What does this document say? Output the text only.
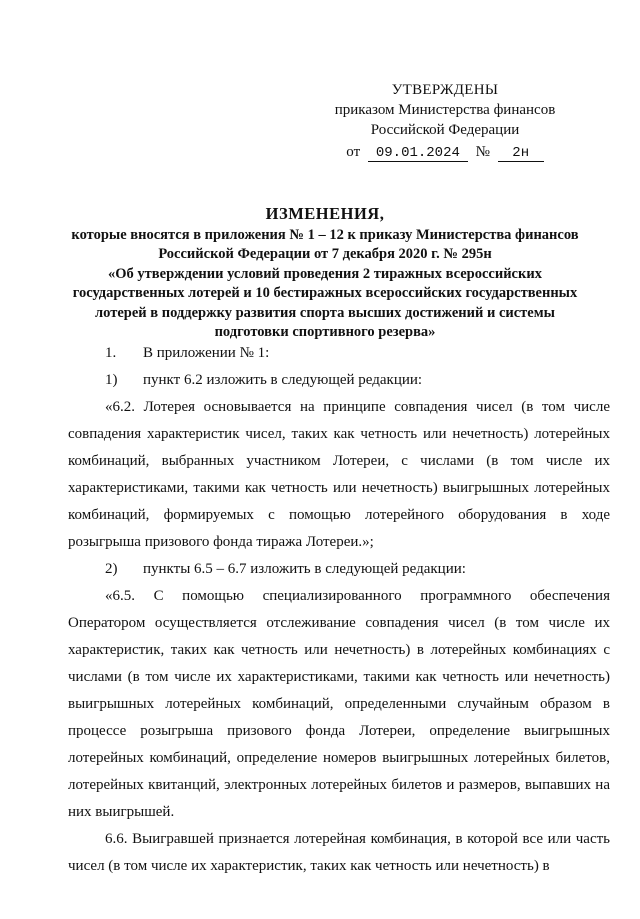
УТВЕРЖДЕНЫ
приказом Министерства финансов
Российской Федерации
от 09.01.2024 № 2н
ИЗМЕНЕНИЯ,
которые вносятся в приложения № 1 – 12 к приказу Министерства финансов
Российской Федерации от 7 декабря 2020 г. № 295н
«Об утверждении условий проведения 2 тиражных всероссийских
государственных лотерей и 10 бестиражных всероссийских государственных
лотерей в поддержку развития спорта высших достижений и системы
подготовки спортивного резерва»
1. В приложении № 1:
1) пункт 6.2 изложить в следующей редакции:

«6.2. Лотерея основывается на принципе совпадения чисел (в том числе совпадения характеристик чисел, таких как четность или нечетность) лотерейных комбинаций, выбранных участником Лотереи, с числами (в том числе их характеристиками, такими как четность или нечетность) выигрышных лотерейных комбинаций, формируемых с помощью лотерейного оборудования в ходе розыгрыша призового фонда тиража Лотереи.»;

2) пункты 6.5 – 6.7 изложить в следующей редакции:

«6.5. С помощью специализированного программного обеспечения Оператором осуществляется отслеживание совпадения чисел (в том числе их характеристик, таких как четность или нечетность) в лотерейных комбинациях с числами (в том числе их характеристиками, такими как четность или нечетность) выигрышных лотерейных комбинаций, определенными случайным образом в процессе розыгрыша призового фонда Лотереи, определение выигрышных лотерейных комбинаций, определение номеров выигрышных лотерейных билетов, лотерейных квитанций, электронных лотерейных билетов и размеров, выпавших на них выигрышей.

6.6. Выигравшей признается лотерейная комбинация, в которой все или часть чисел (в том числе их характеристик, таких как четность или нечетность) в
